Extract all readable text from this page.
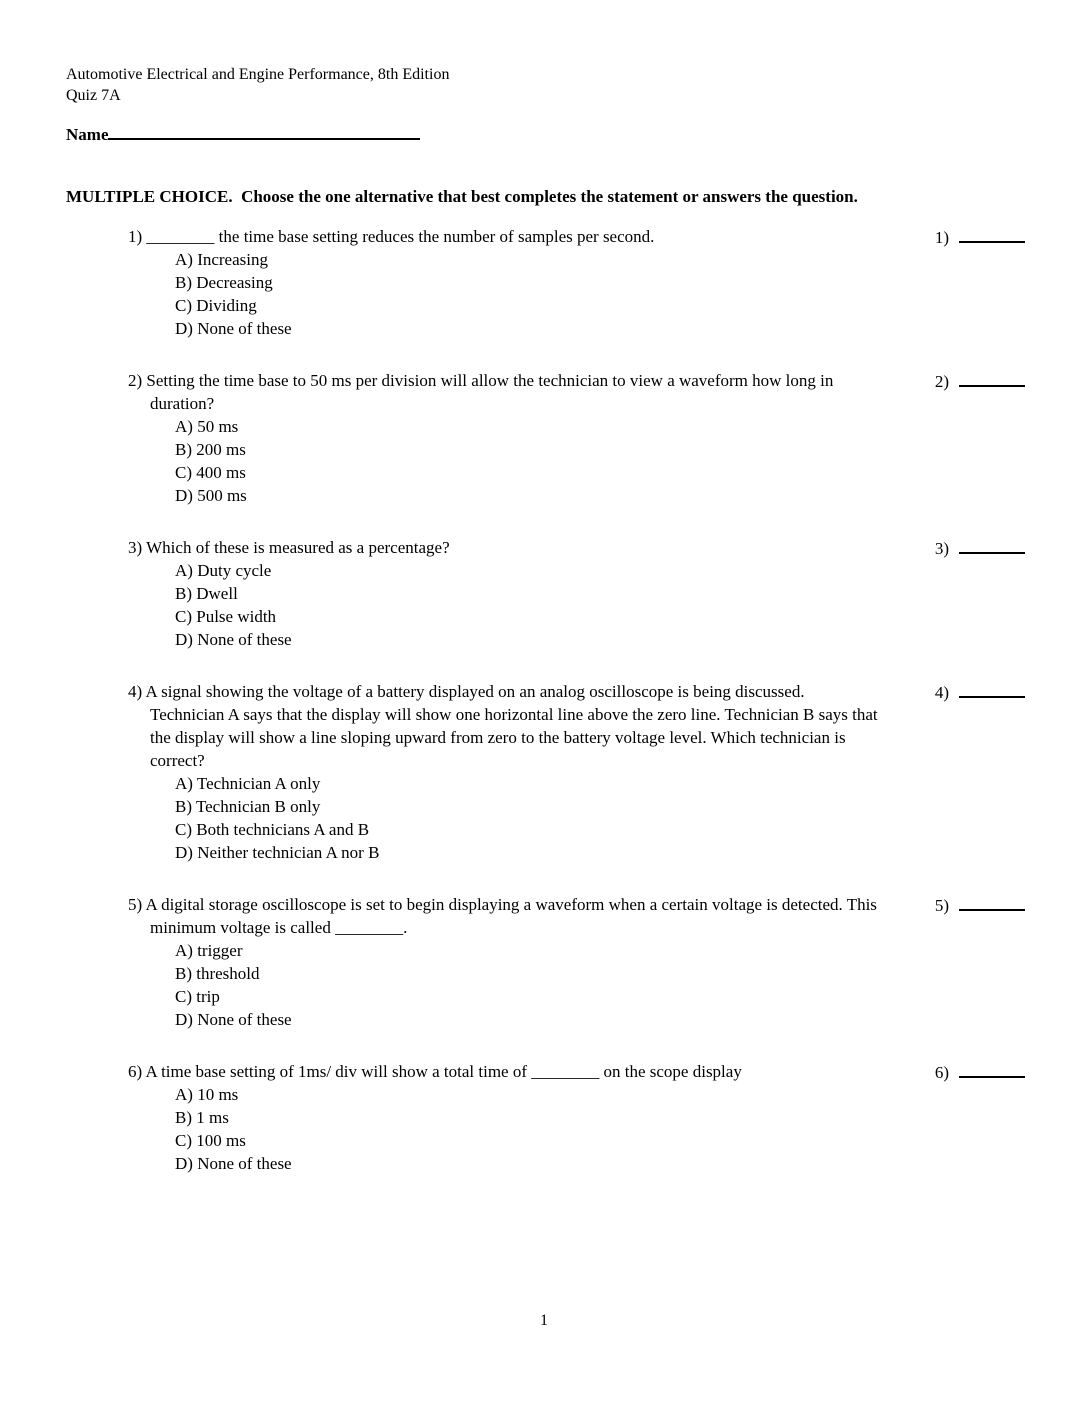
Automotive Electrical and Engine Performance, 8th Edition
Quiz 7A
Name
MULTIPLE CHOICE.  Choose the one alternative that best completes the statement or answers the question.
1) ________ the time base setting reduces the number of samples per second.
A) Increasing
B) Decreasing
C) Dividing
D) None of these
1)
2) Setting the time base to 50 ms per division will allow the technician to view a waveform how long in duration?
A) 50 ms
B) 200 ms
C) 400 ms
D) 500 ms
2)
3) Which of these is measured as a percentage?
A) Duty cycle
B) Dwell
C) Pulse width
D) None of these
3)
4) A signal showing the voltage of a battery displayed on an analog oscilloscope is being discussed. Technician A says that the display will show one horizontal line above the zero line. Technician B says that the display will show a line sloping upward from zero to the battery voltage level. Which technician is correct?
A) Technician A only
B) Technician B only
C) Both technicians A and B
D) Neither technician A nor B
4)
5) A digital storage oscilloscope is set to begin displaying a waveform when a certain voltage is detected. This minimum voltage is called ________.
A) trigger
B) threshold
C) trip
D) None of these
5)
6) A time base setting of 1ms/ div will show a total time of ________ on the scope display
A) 10 ms
B) 1 ms
C) 100 ms
D) None of these
6)
1
